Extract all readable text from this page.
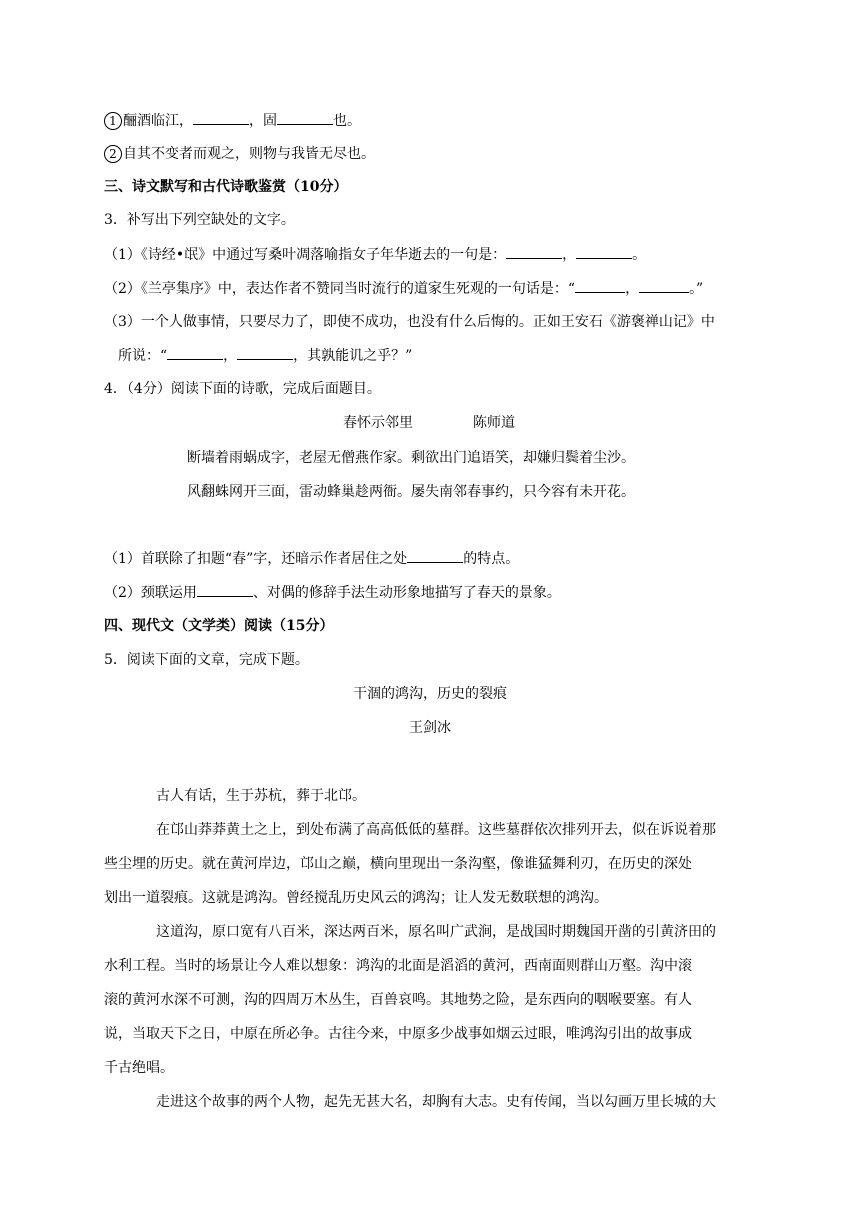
1 酾酒临江，	，固	也。
2 自其不变者而观之，则物与我皆无尽也。
三、诗文默写和古代诗歌鉴赏（10分）
3．补写出下列空缺处的文字。
（1）《诗经•氓》中通过写桑叶凋落喻指女子年华逝去的一句是：	，	。
（2）《兰亭集序》中，表达作者不赞同当时流行的道家生死观的一句话是：“	，	。”
（3）一个人做事情，只要尽力了，即使不成功，也没有什么后悔的。正如王安石《游褒禅山记》中
所说：“	，	，其孰能讥之乎？”
4．（4分）阅读下面的诗歌，完成后面题目。
春怀示邻里	陈师道
断墙着雨蜗成字，老屋无僧燕作家。剩欲出门追语笑，却嫌归鬓着尘沙。
风翻蛛网开三面，雷动蜂巢趁两衙。屡失南邻春事约，只今容有未开花。
（1）首联除了扣题“春”字，还暗示作者居住之处	的特点。
（2）颈联运用	、对偶的修辞手法生动形象地描写了春天的景象。
四、现代文（文学类）阅读（15分）
5．阅读下面的文章，完成下题。
干涸的鸿沟，历史的裂痕
王剑冰
古人有话，生于苏杭，葬于北邙。
在邙山莽莽黄土之上，到处布满了高高低低的墓群。这些墓群依次排列开去，似在诉说着那
些尘埋的历史。就在黄河岸边，邙山之巅，横向里现出一条沟壑，像谁猛舞利刃，在历史的深处
划出一道裂痕。这就是鸿沟。曾经搅乱历史风云的鸿沟；让人发无数联想的鸿沟。
这道沟，原口宽有八百米，深达两百米，原名叫广武涧，是战国时期魏国开凿的引黄济田的
水利工程。当时的场景让今人难以想象：鸿沟的北面是滔滔的黄河，西南面则群山万壑。沟中滚
滚的黄河水深不可测，沟的四周万木丛生，百兽哀鸣。其地势之险，是东西向的咽喉要塞。有人
说，当取天下之日，中原在所必争。古往今来，中原多少战事如烟云过眼，唯鸿沟引出的故事成
千古绝唱。
走进这个故事的两个人物，起先无甚大名，却胸有大志。史有传闻，当以勾画万里长城的大
